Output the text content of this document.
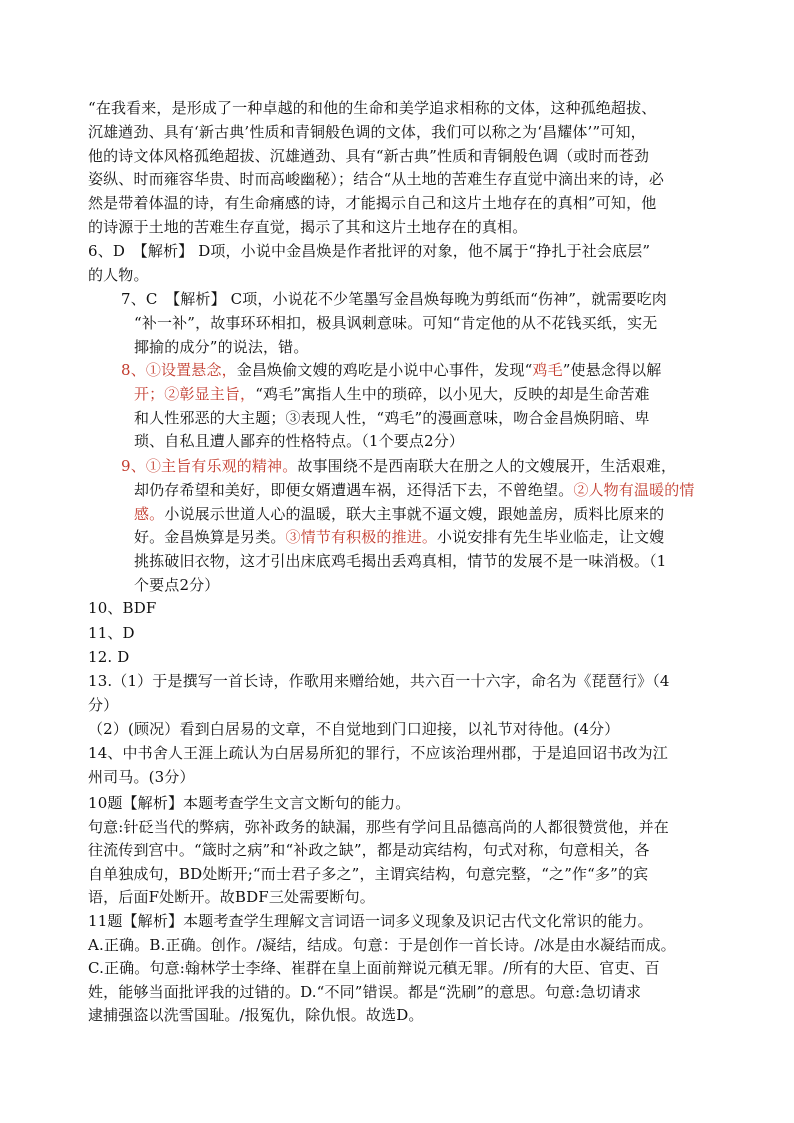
“在我看来，是形成了一种卓越的和他的生命和美学追求相称的文体，这种孤绝超拔、
沉雄遒劲、具有‘新古典’性质和青铜般色调的文体，我们可以称之为‘昌耀体’”可知，
他的诗文体风格孤绝超拔、沉雄遒劲、具有“新古典”性质和青铜般色调（或时而苍劲
姿纵、时而雍容华贵、时而高峻幽秘）；结合“从土地的苦难生存直觉中滴出来的诗，必
然是带着体温的诗，有生命痛感的诗，才能揭示自己和这片土地存在的真相”可知，他
的诗源于土地的苦难生存直觉，揭示了其和这片土地存在的真相。
6、D　【解析】 D项，小说中金昌焕是作者批评的对象，他不属于“挣扎于社会底层”
的人物。
7、C　【解析】 C项，小说花不少笔墨写金昌焕每晚为剪纸而“伤神”，就需要吃肉
“补一补”，故事环环相扣，极具讽刺意味。可知“肯定他的从不花钱买纸，实无
揶揄的成分”的说法，错。
8、①设置悬念，金昌焕偷文嫂的鸡吃是小说中心事件，发现“鸡毛”使悬念得以解
开；②彰显主旨，“鸡毛”寓指人生中的琐碎，以小见大，反映的却是生命苦难
和人性邪恶的大主题；③表现人性，“鸡毛”的漫画意味，吻合金昌焕阴暗、卑
琐、自私且遭人鄙弃的性格特点。（1个要点2分）
9、①主旨有乐观的精神。故事围绕不是西南联大在册之人的文嫂展开，生活艰难，
却仍存希望和美好，即便女婿遭遇车祸，还得活下去，不曾绝望。②人物有温暖的情
感。小说展示世道人心的温暖，联大主事就不逼文嫂，跟她盖房，质料比原来的
好。金昌焕算是另类。③情节有积极的推进。小说安排有先生毕业临走，让文嫂
挑拣破旧衣物，这才引出床底鸡毛揭出丢鸡真相，情节的发展不是一味消极。（1
个要点2分）
10、BDF
11、D
12. D
13.（1）于是撰写一首长诗，作歌用来赠给她，共六百一十六字，命名为《琵琶行》（4
分）
（2）(顾况）看到白居易的文章，不自觉地到门口迎接，以礼节对待他。(4分）
14、中书舍人王涯上疏认为白居易所犯的罪行，不应该治理州郡，于是追回诏书改为江
州司马。(3分）
10题【解析】本题考查学生文言文断句的能力。
句意:针砭当代的弊病，弥补政务的缺漏，那些有学问且品德高尚的人都很赞赏他，并在
往流传到宫中。“箴时之病”和“补政之缺”，都是动宾结构，句式对称，句意相关，各
自单独成句，BD处断开;“而士君子多之”，主谓宾结构，句意完整，“之”作“多”的宾
语，后面F处断开。故BDF三处需要断句。
11题【解析】本题考查学生理解文言词语一词多义现象及识记古代文化常识的能力。
A.正确。B.正确。创作。/凝结，结成。句意：于是创作一首长诗。/冰是由水凝结而成。
C.正确。句意:翰林学士李绛、崔群在皇上面前辩说元稹无罪。/所有的大臣、官吏、百
姓，能够当面批评我的过错的。D.“不同”错误。都是“洗刷”的意思。句意:急切请求
逮捕强盗以洗雪国耻。/报冤仇，除仇恨。故选D。
